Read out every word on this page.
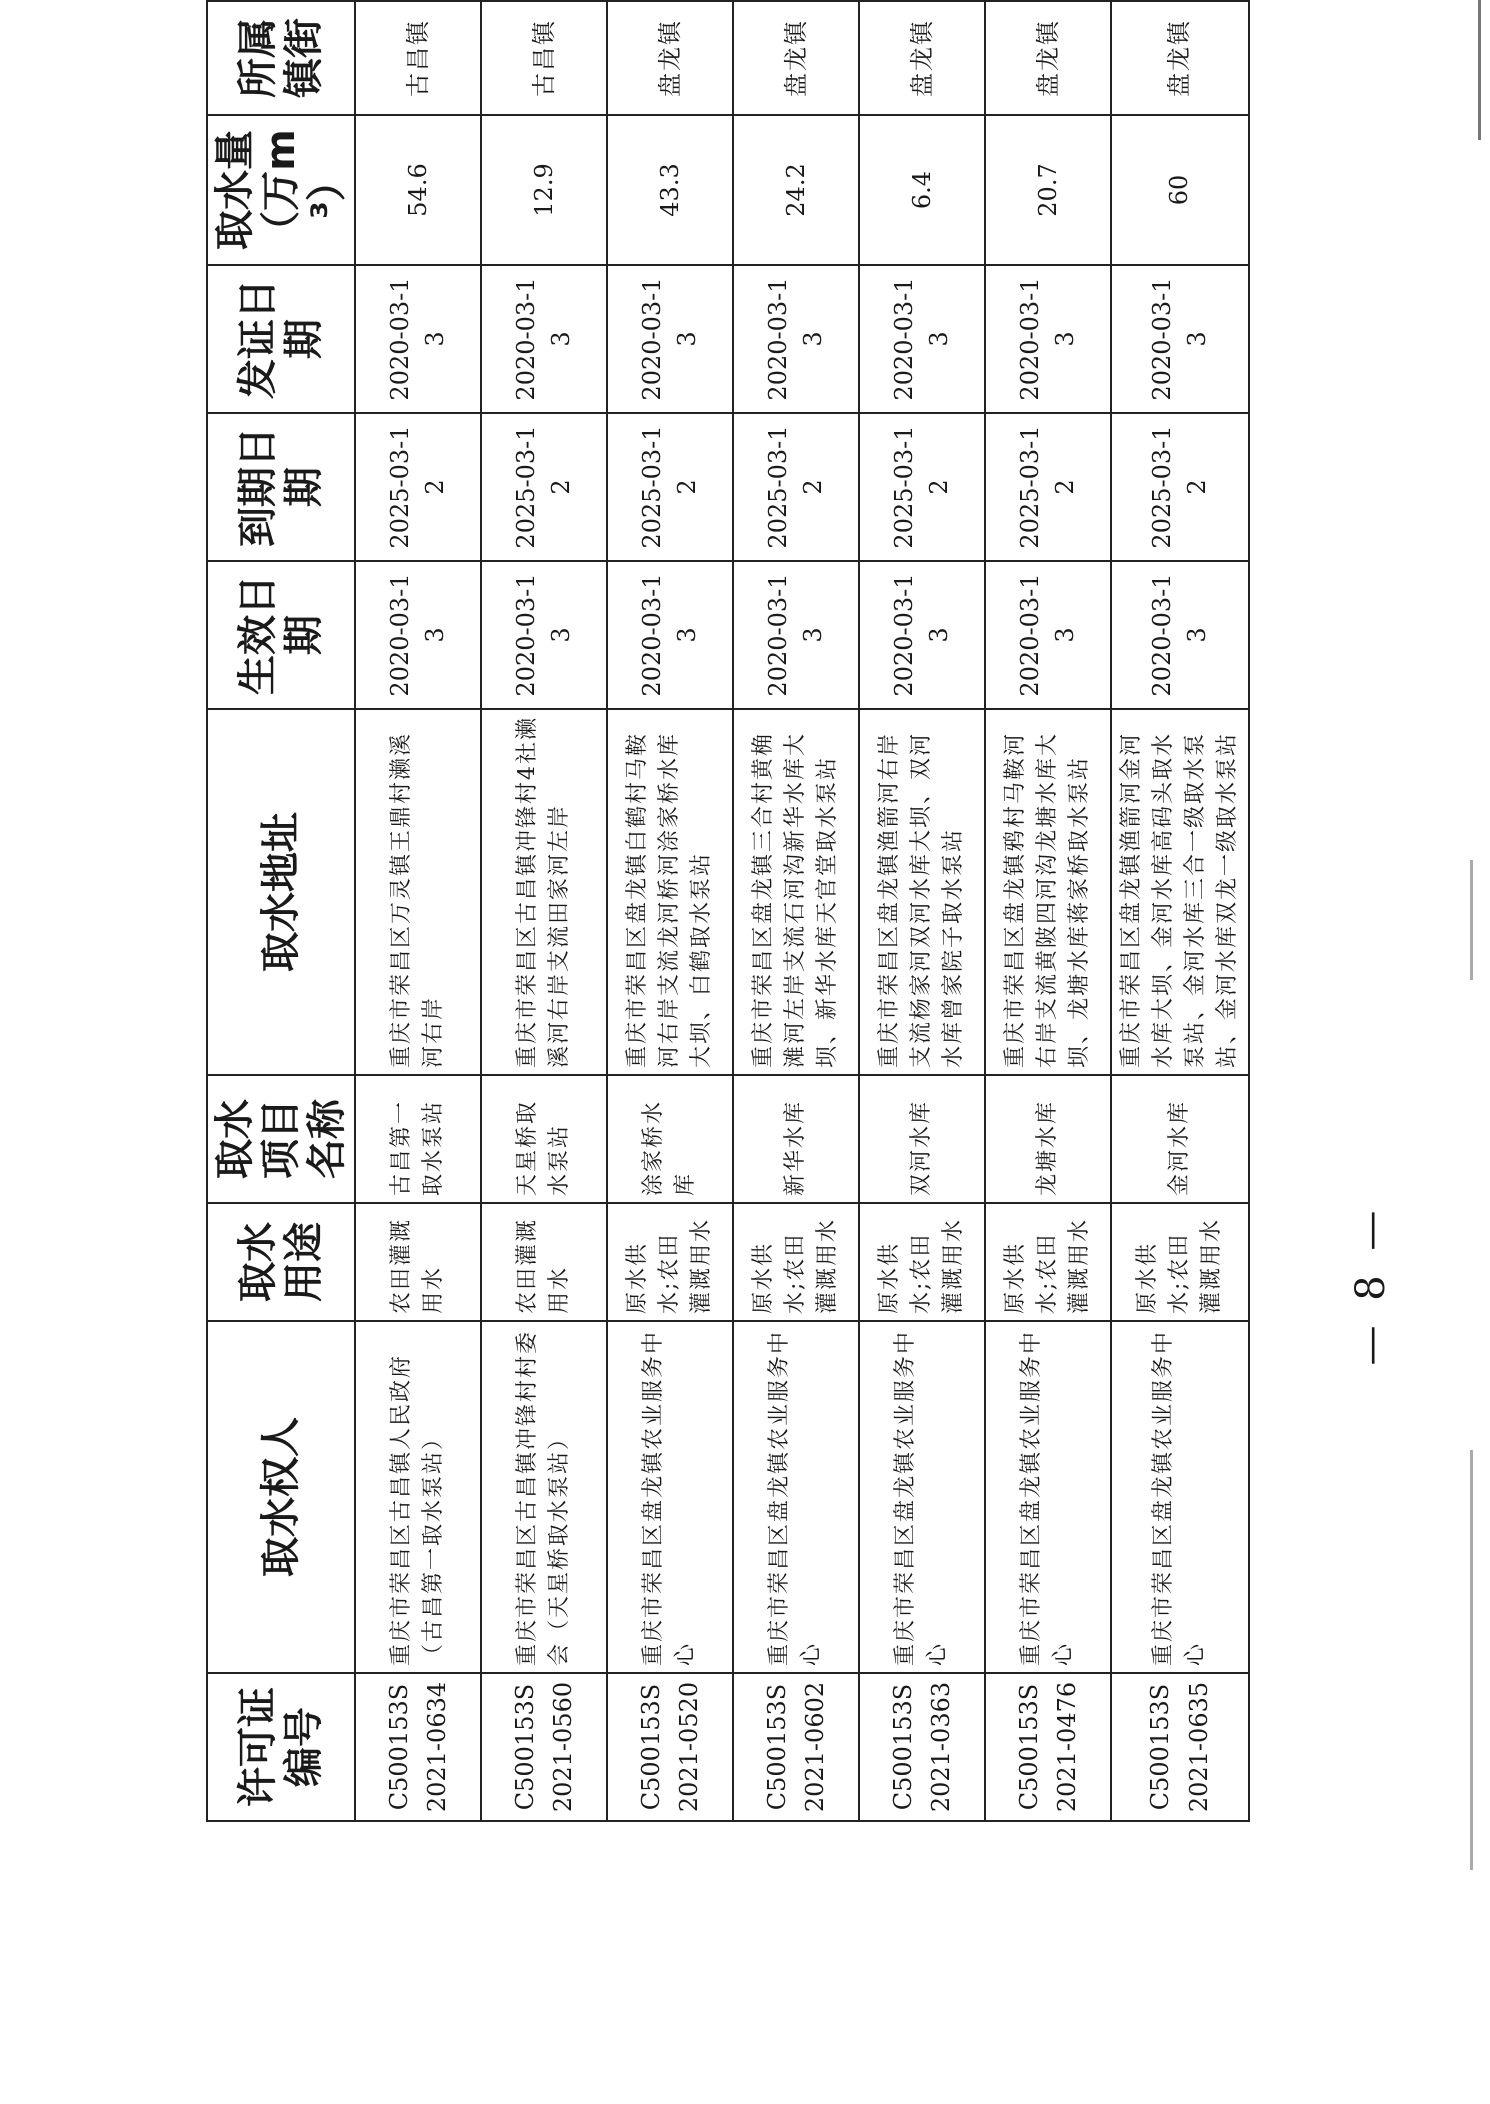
许可证编号	取水权人	取水用途	取水项目名称	取水地址	生效日期	到期日期	发证日期	取水量（万m³）	所属镇街
C500153S2021-0634	重庆市荣昌区古昌镇人民政府（古昌第一取水泵站）	农田灌溉用水	古昌第一取水泵站	重庆市荣昌区万灵镇王鼎村濑溪河右岸	2020-03-13	2025-03-12	2020-03-13	54.6	古昌镇
C500153S2021-0560	重庆市荣昌区古昌镇冲锋村村委会（天星桥取水泵站）	农田灌溉用水	天星桥取水泵站	重庆市荣昌区古昌镇冲锋村4社濑溪河右岸支流田家河左岸	2020-03-13	2025-03-12	2020-03-13	12.9	古昌镇
C500153S2021-0520	重庆市荣昌区盘龙镇农业服务中心	原水供水;农田灌溉用水	涂家桥水库	重庆市荣昌区盘龙镇白鹤村马鞍河右岸支流龙河桥河涂家桥水库大坝、白鹤取水泵站	2020-03-13	2025-03-12	2020-03-13	43.3	盘龙镇
C500153S2021-0602	重庆市荣昌区盘龙镇农业服务中心	原水供水;农田灌溉用水	新华水库	重庆市荣昌区盘龙镇三合村黄桷滩河左岸支流石河沟新华水库大坝、新华水库天官堂取水泵站	2020-03-13	2025-03-12	2020-03-13	24.2	盘龙镇
C500153S2021-0363	重庆市荣昌区盘龙镇农业服务中心	原水供水;农田灌溉用水	双河水库	重庆市荣昌区盘龙镇渔箭河右岸支流杨家河双河水库大坝、双河水库曾家院子取水泵站	2020-03-13	2025-03-12	2020-03-13	6.4	盘龙镇
C500153S2021-0476	重庆市荣昌区盘龙镇农业服务中心	原水供水;农田灌溉用水	龙塘水库	重庆市荣昌区盘龙镇鸦村马鞍河右岸支流黄陂四河沟龙塘水库大坝、龙塘水库蒋家桥取水泵站	2020-03-13	2025-03-12	2020-03-13	20.7	盘龙镇
C500153S2021-0635	重庆市荣昌区盘龙镇农业服务中心	原水供水;农田灌溉用水	金河水库	重庆市荣昌区盘龙镇渔箭河金河水库大坝、金河水库高码头取水泵站、金河水库三合一级取水泵站、金河水库双龙一级取水泵站	2020-03-13	2025-03-12	2020-03-13	60	盘龙镇
— 8 —
